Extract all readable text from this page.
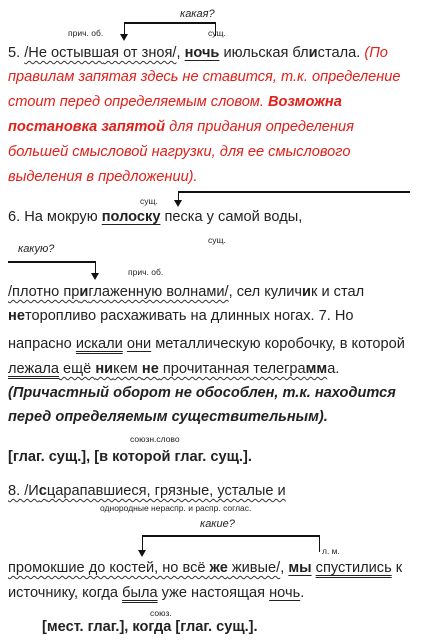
прич. об.
какая?
сущ.
5. /Не остывшая от зноя/, ночь июльская блистала. (По
правилам запятая здесь не ставится, т.к. определение
стоит перед определяемым словом. Возможна
постановка запятой для придания определения
большей смысловой нагрузки, для ее смыслового
выделения в предложении).
сущ.
6. На мокрую полоску песка у самой воды,
сущ.
какую?
прич. об.
/плотно приглаженную волнами/, сел куличик и стал
неторопливо расхаживать на длинных ногах. 7. Но
напрасно искали они металлическую коробочку, в которой
лежала ещё никем не прочитанная телеграмма.
(Причастный оборот не обособлен, т.к. находится
перед определяемым существительным).
союзн.слово
[глаг. сущ.], [в которой глаг. сущ.].
8. /Исцарапавшиеся, грязные, усталые и
однородные нераспр. и распр. соглас.
какие?
л. м.
промокшие до костей, но всё же живые/, мы спустились к
источнику, когда была уже настоящая ночь.
союз.
[мест. глаг.], когда [глаг. сущ.].
